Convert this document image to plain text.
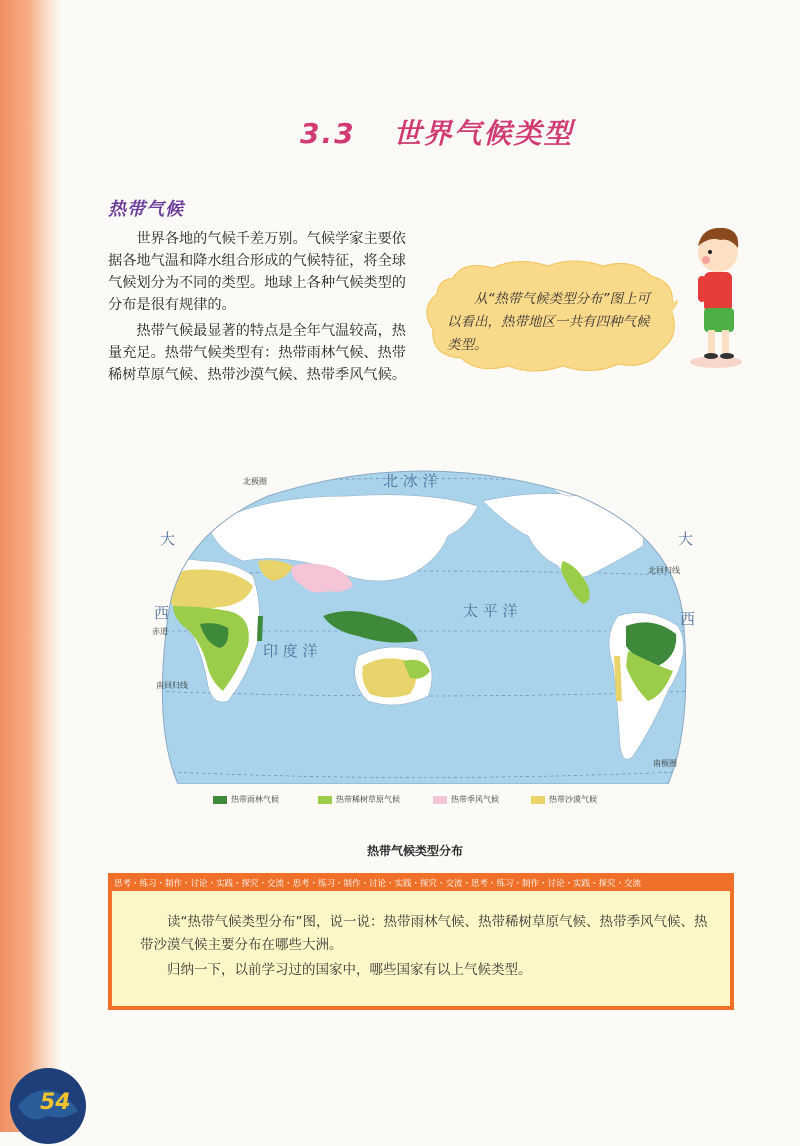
3.3 世界气候类型
热带气候

世界各地的气候千差万别。气候学家主要依据各地气温和降水组合形成的气候特征，将全球气候划分为不同的类型。地球上各种气候类型的分布是很有规律的。

热带气候最显著的特点是全年气温较高，热量充足。热带气候类型有：热带雨林气候、热带稀树草原气候、热带沙漠气候、热带季风气候。

从“热带气候类型分布”图上可以看出，热带地区一共有四种气候类型。

北极圈
北回归线
赤道
南回归线
南极圈
北 冰 洋
太 平 洋
印 度 洋
大
西
大
西
热带雨林气候	热带稀树草原气候	热带季风气候	热带沙漠气候
热带气候类型分布
思考・练习・制作・讨论・实践・探究・交流・思考・练习・制作・讨论・实践・探究・交流・思考・练习・制作・讨论・实践・探究・交流

读“热带气候类型分布”图，说一说：热带雨林气候、热带稀树草原气候、热带季风气候、热带沙漠气候主要分布在哪些大洲。

归纳一下，以前学习过的国家中，哪些国家有以上气候类型。

54
